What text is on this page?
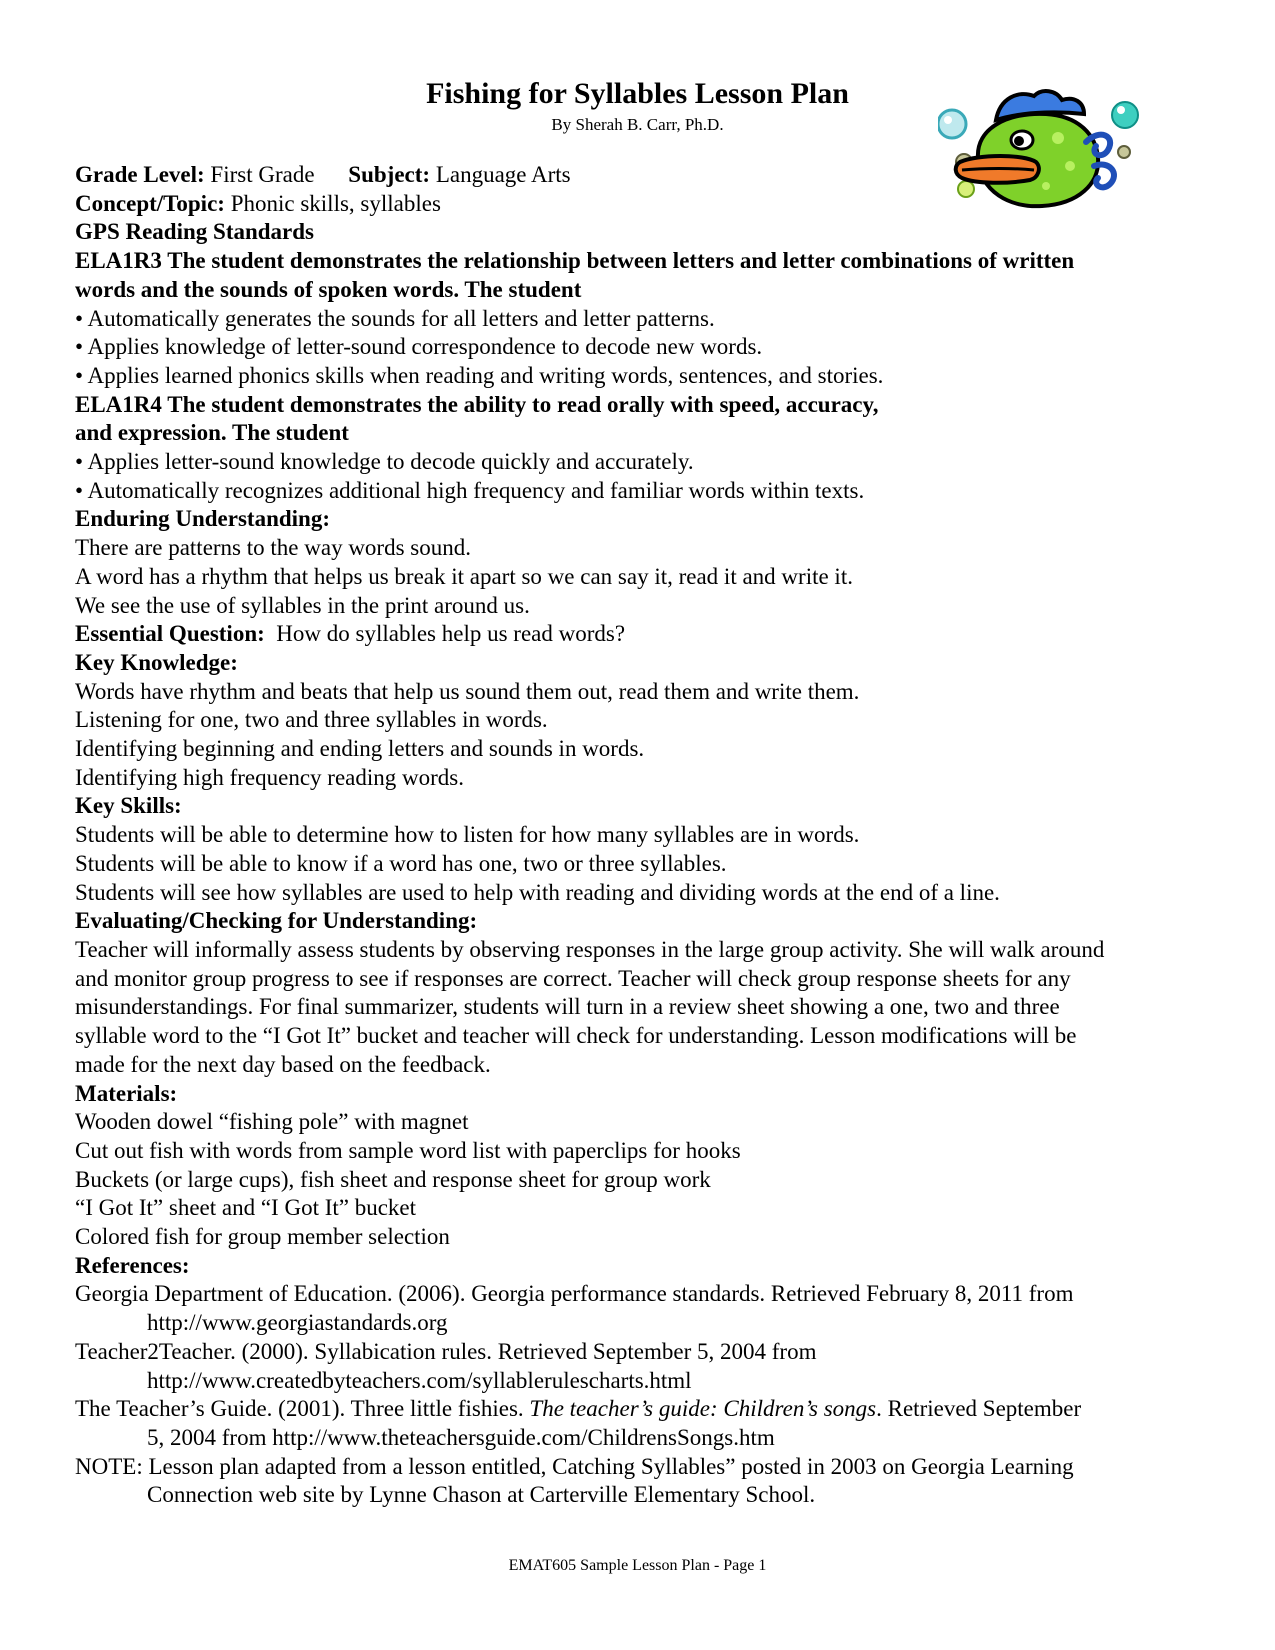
Fishing for Syllables Lesson Plan
By Sherah B. Carr, Ph.D.
Grade Level: First Grade Subject: Language Arts
Concept/Topic: Phonic skills, syllables
GPS Reading Standards
ELA1R3 The student demonstrates the relationship between letters and letter combinations of written
words and the sounds of spoken words. The student
• Automatically generates the sounds for all letters and letter patterns.
• Applies knowledge of letter-sound correspondence to decode new words.
• Applies learned phonics skills when reading and writing words, sentences, and stories.
ELA1R4 The student demonstrates the ability to read orally with speed, accuracy,
and expression. The student
• Applies letter-sound knowledge to decode quickly and accurately.
• Automatically recognizes additional high frequency and familiar words within texts.
Enduring Understanding:
There are patterns to the way words sound.
A word has a rhythm that helps us break it apart so we can say it, read it and write it.
We see the use of syllables in the print around us.
Essential Question: How do syllables help us read words?
Key Knowledge:
Words have rhythm and beats that help us sound them out, read them and write them.
Listening for one, two and three syllables in words.
Identifying beginning and ending letters and sounds in words.
Identifying high frequency reading words.
Key Skills:
Students will be able to determine how to listen for how many syllables are in words.
Students will be able to know if a word has one, two or three syllables.
Students will see how syllables are used to help with reading and dividing words at the end of a line.
Evaluating/Checking for Understanding:
Teacher will informally assess students by observing responses in the large group activity. She will walk around
and monitor group progress to see if responses are correct. Teacher will check group response sheets for any
misunderstandings. For final summarizer, students will turn in a review sheet showing a one, two and three
syllable word to the “I Got It” bucket and teacher will check for understanding. Lesson modifications will be
made for the next day based on the feedback.
Materials:
Wooden dowel “fishing pole” with magnet
Cut out fish with words from sample word list with paperclips for hooks
Buckets (or large cups), fish sheet and response sheet for group work
“I Got It” sheet and “I Got It” bucket
Colored fish for group member selection
References:
Georgia Department of Education. (2006). Georgia performance standards. Retrieved February 8, 2011 from
http://www.georgiastandards.org
Teacher2Teacher. (2000). Syllabication rules. Retrieved September 5, 2004 from
http://www.createdbyteachers.com/syllablerulescharts.html
The Teacher’s Guide. (2001). Three little fishies. The teacher’s guide: Children’s songs. Retrieved September
5, 2004 from http://www.theteachersguide.com/ChildrensSongs.htm
NOTE: Lesson plan adapted from a lesson entitled, Catching Syllables” posted in 2003 on Georgia Learning
Connection web site by Lynne Chason at Carterville Elementary School.
EMAT605 Sample Lesson Plan - Page 1
